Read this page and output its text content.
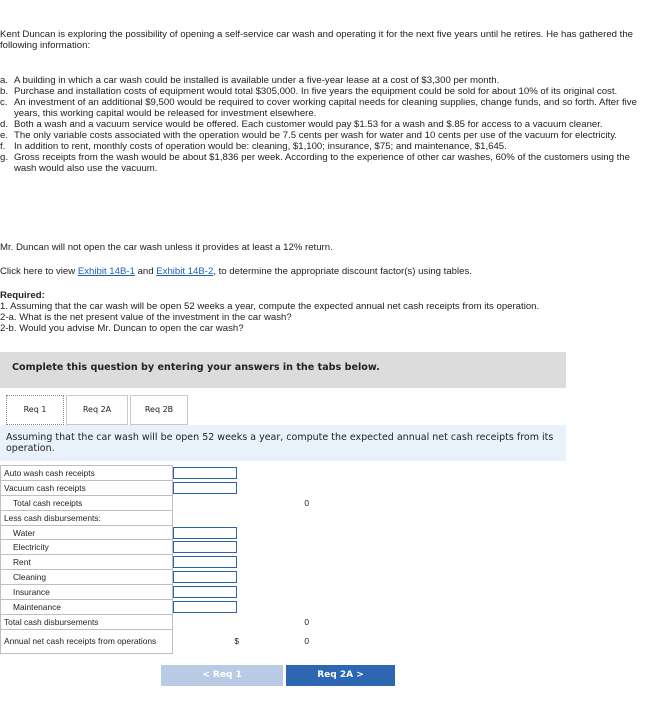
Kent Duncan is exploring the possibility of opening a self-service car wash and operating it for the next five years until he retires. He has gathered the following information:
a. A building in which a car wash could be installed is available under a five-year lease at a cost of $3,300 per month.
b. Purchase and installation costs of equipment would total $305,000. In five years the equipment could be sold for about 10% of its original cost.
c. An investment of an additional $9,500 would be required to cover working capital needs for cleaning supplies, change funds, and so forth. After five years, this working capital would be released for investment elsewhere.
d. Both a wash and a vacuum service would be offered. Each customer would pay $1.53 for a wash and $.85 for access to a vacuum cleaner.
e. The only variable costs associated with the operation would be 7.5 cents per wash for water and 10 cents per use of the vacuum for electricity.
f. In addition to rent, monthly costs of operation would be: cleaning, $1,100; insurance, $75; and maintenance, $1,645.
g. Gross receipts from the wash would be about $1,836 per week. According to the experience of other car washes, 60% of the customers using the wash would also use the vacuum.
Mr. Duncan will not open the car wash unless it provides at least a 12% return.
Click here to view Exhibit 14B-1 and Exhibit 14B-2, to determine the appropriate discount factor(s) using tables.
Required:
1. Assuming that the car wash will be open 52 weeks a year, compute the expected annual net cash receipts from its operation.
2-a. What is the net present value of the investment in the car wash?
2-b. Would you advise Mr. Duncan to open the car wash?
Complete this question by entering your answers in the tabs below.
Req 1	Req 2A	Req 2B
Assuming that the car wash will be open 52 weeks a year, compute the expected annual net cash receipts from its operation.
Auto wash cash receipts	

Vacuum cash receipts	

Total cash receipts		0
Less cash disbursements:		
Water	

Electricity	

Rent	

Cleaning	

Insurance	

Maintenance	

Total cash disbursements		0
Annual net cash receipts from operations	$	0
< Req 1	Req 2A >
